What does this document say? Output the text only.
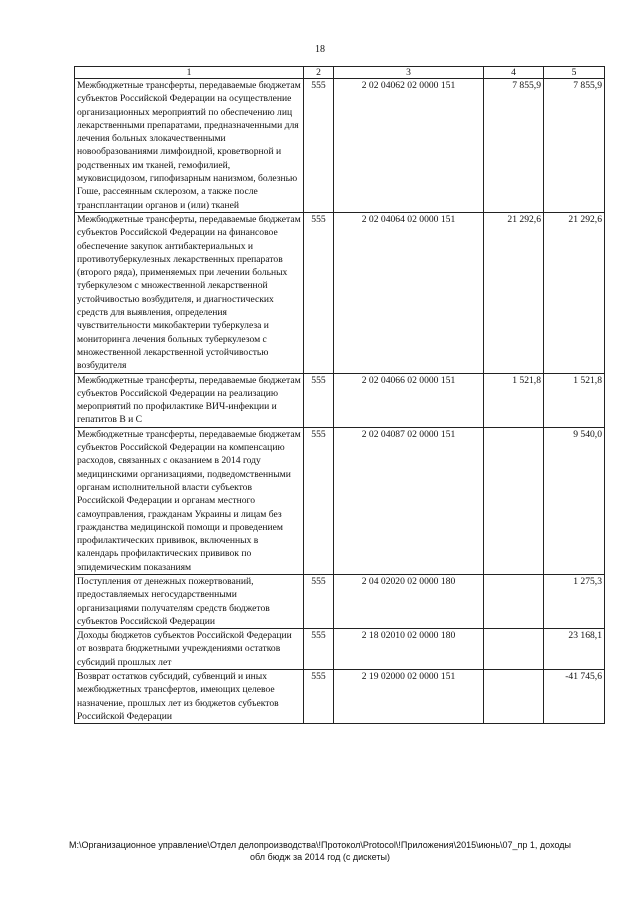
18
1	2	3	4	5
Межбюджетные трансферты, передаваемые бюджетам субъектов Российской Федерации на осуществление организационных мероприятий по обеспечению лиц лекарственными препаратами, предназначенными для лечения больных злокачественными новообразованиями лимфоидной, кроветворной и родственных им тканей, гемофилией, муковисцидозом, гипофизарным нанизмом, болезнью Гоше, рассеянным склерозом, а также после трансплантации органов и (или) тканей	555	2 02 04062 02 0000 151	7 855,9	7 855,9
Межбюджетные трансферты, передаваемые бюджетам субъектов Российской Федерации на финансовое обеспечение закупок антибактериальных и противотуберкулезных лекарственных препаратов (второго ряда), применяемых при лечении больных туберкулезом с множественной лекарственной устойчивостью возбудителя, и диагностических средств для выявления, определения чувствительности микобактерии туберкулеза и мониторинга лечения больных туберкулезом с множественной лекарственной устойчивостью возбудителя	555	2 02 04064 02 0000 151	21 292,6	21 292,6
Межбюджетные трансферты, передаваемые бюджетам субъектов Российской Федерации на реализацию мероприятий по профилактике ВИЧ-инфекции и гепатитов В и С	555	2 02 04066 02 0000 151	1 521,8	1 521,8
Межбюджетные трансферты, передаваемые бюджетам субъектов Российской Федерации на компенсацию расходов, связанных с оказанием в 2014 году медицинскими организациями, подведомственными органам исполнительной власти субъектов Российской Федерации и органам местного самоуправления, гражданам Украины и лицам без гражданства медицинской помощи и проведением профилактических прививок, включенных в календарь профилактических прививок по эпидемическим показаниям	555	2 02 04087 02 0000 151		9 540,0
Поступления от денежных пожертвований, предоставляемых негосударственными организациями получателям средств бюджетов субъектов Российской Федерации	555	2 04 02020 02 0000 180		1 275,3
Доходы бюджетов субъектов Российской Федерации от возврата бюджетными учреждениями остатков субсидий прошлых лет	555	2 18 02010 02 0000 180		23 168,1
Возврат остатков субсидий, субвенций и иных межбюджетных трансфертов, имеющих целевое назначение, прошлых лет из бюджетов субъектов Российской Федерации	555	2 19 02000 02 0000 151		-41 745,6
M:\Организационное управление\Отдел делопроизводства\!Протокол\Protocol\!Приложения\2015\июнь\07_пр 1, доходы
обл бюдж за 2014 год (с дискеты)
